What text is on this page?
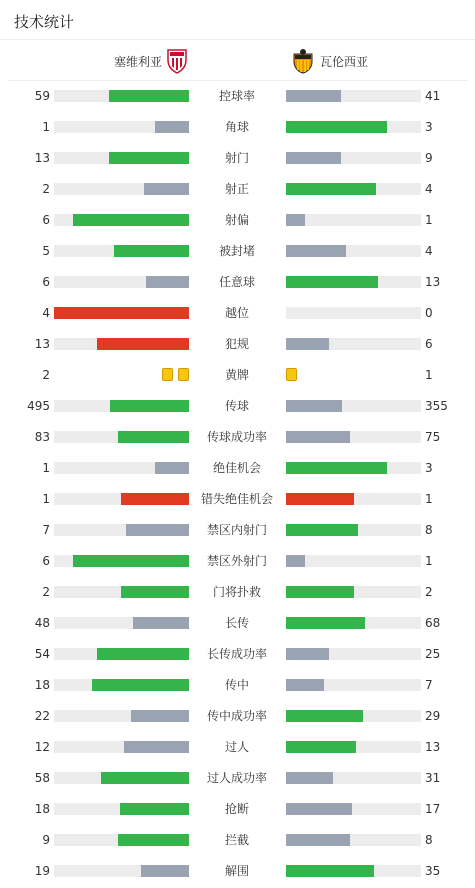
技术统计
塞维利亚	瓦伦西亚
59	控球率	41
1	角球	3
13	射门	9
2	射正	4
6	射偏	1
5	被封堵	4
6	任意球	13
4	越位	0
13	犯规	6
2	黄牌	1
495	传球	355
83	传球成功率	75
1	绝佳机会	3
1	错失绝佳机会	1
7	禁区内射门	8
6	禁区外射门	1
2	门将扑救	2
48	长传	68
54	长传成功率	25
18	传中	7
22	传中成功率	29
12	过人	13
58	过人成功率	31
18	抢断	17
9	拦截	8
19	解围	35
